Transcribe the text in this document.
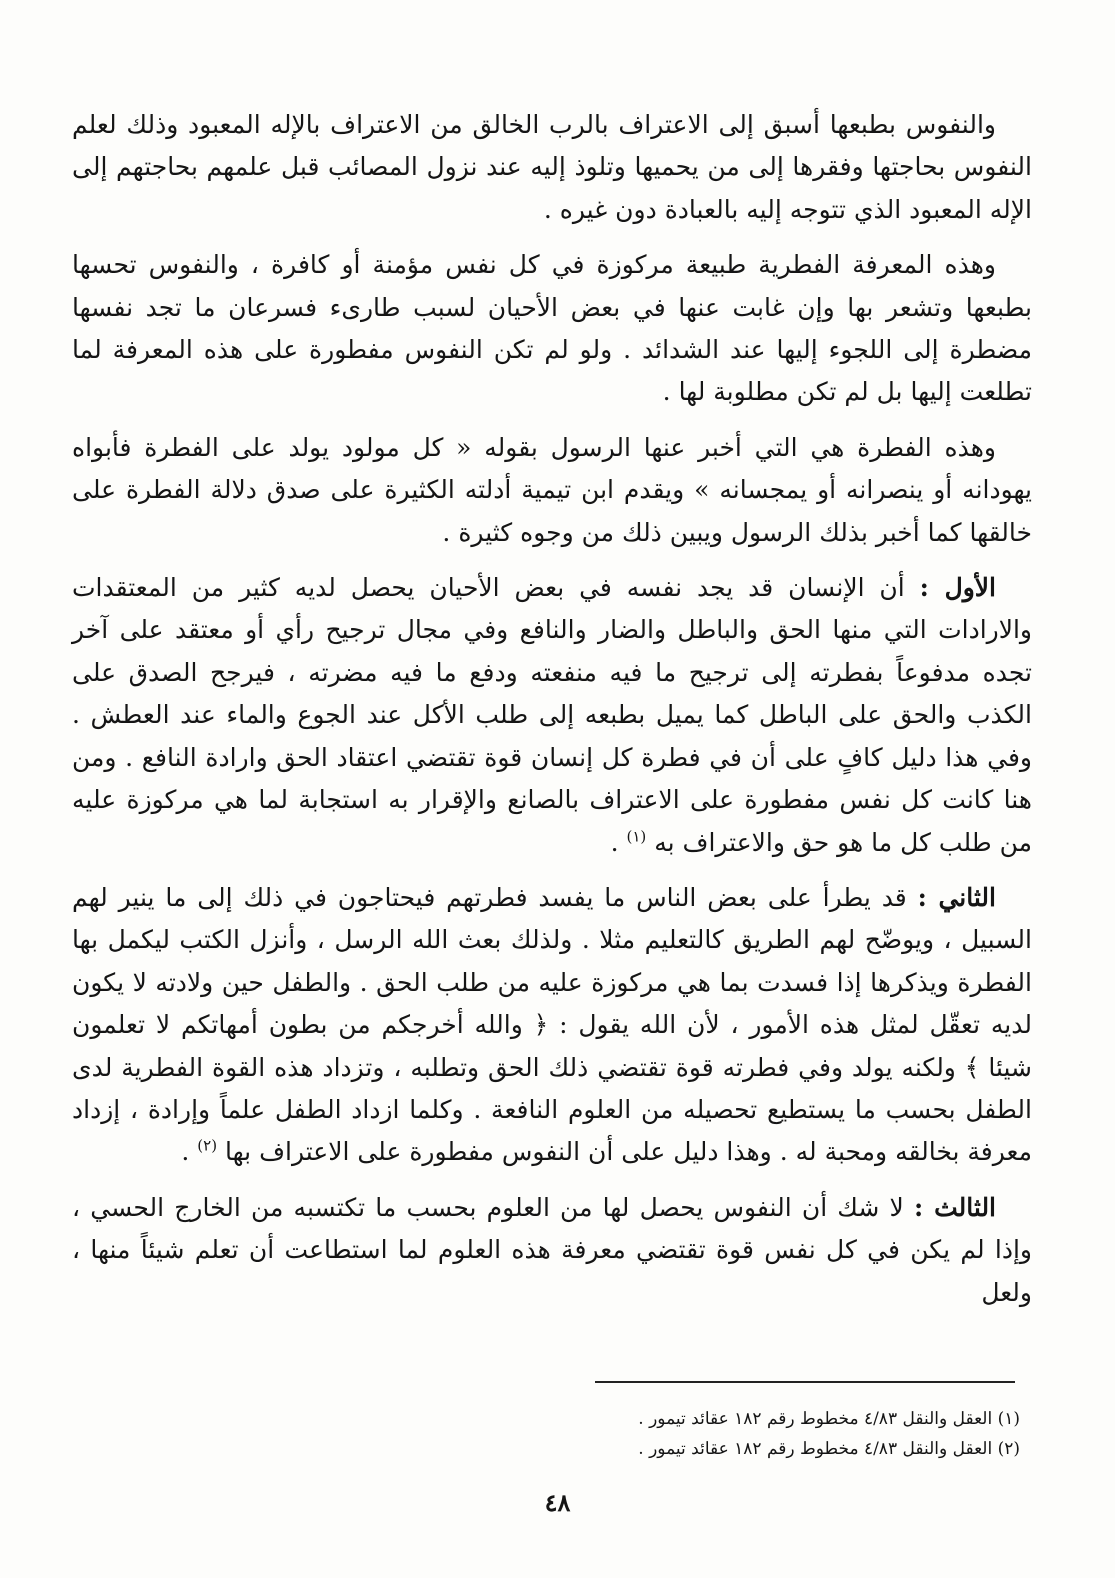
والنفوس بطبعها أسبق إلى الاعتراف بالرب الخالق من الاعتراف بالإله المعبود وذلك لعلم النفوس بحاجتها وفقرها إلى من يحميها وتلوذ إليه عند نزول المصائب قبل علمهم بحاجتهم إلى الإله المعبود الذي تتوجه إليه بالعبادة دون غيره .

وهذه المعرفة الفطرية طبيعة مركوزة في كل نفس مؤمنة أو كافرة ، والنفوس تحسها بطبعها وتشعر بها وإن غابت عنها في بعض الأحيان لسبب طارىء فسرعان ما تجد نفسها مضطرة إلى اللجوء إليها عند الشدائد . ولو لم تكن النفوس مفطورة على هذه المعرفة لما تطلعت إليها بل لم تكن مطلوبة لها .

وهذه الفطرة هي التي أخبر عنها الرسول بقوله « كل مولود يولد على الفطرة فأبواه يهودانه أو ينصرانه أو يمجسانه » ويقدم ابن تيمية أدلته الكثيرة على صدق دلالة الفطرة على خالقها كما أخبر بذلك الرسول ويبين ذلك من وجوه كثيرة .

الأول : أن الإنسان قد يجد نفسه في بعض الأحيان يحصل لديه كثير من المعتقدات والارادات التي منها الحق والباطل والضار والنافع وفي مجال ترجيح رأي أو معتقد على آخر تجده مدفوعاً بفطرته إلى ترجيح ما فيه منفعته ودفع ما فيه مضرته ، فيرجح الصدق على الكذب والحق على الباطل كما يميل بطبعه إلى طلب الأكل عند الجوع والماء عند العطش . وفي هذا دليل كافٍ على أن في فطرة كل إنسان قوة تقتضي اعتقاد الحق وارادة النافع . ومن هنا كانت كل نفس مفطورة على الاعتراف بالصانع والإقرار به استجابة لما هي مركوزة عليه من طلب كل ما هو حق والاعتراف به $^{(١)}$ .

الثاني : قد يطرأ على بعض الناس ما يفسد فطرتهم فيحتاجون في ذلك إلى ما ينير لهم السبيل ، ويوضّح لهم الطريق كالتعليم مثلا . ولذلك بعث الله الرسل ، وأنزل الكتب ليكمل بها الفطرة ويذكرها إذا فسدت بما هي مركوزة عليه من طلب الحق . والطفل حين ولادته لا يكون لديه تعقّل لمثل هذه الأمور ، لأن الله يقول : ﴿ والله أخرجكم من بطون أمهاتكم لا تعلمون شيئا ﴾ ولكنه يولد وفي فطرته قوة تقتضي ذلك الحق وتطلبه ، وتزداد هذه القوة الفطرية لدى الطفل بحسب ما يستطيع تحصيله من العلوم النافعة . وكلما ازداد الطفل علماً وإرادة ، إزداد معرفة بخالقه ومحبة له . وهذا دليل على أن النفوس مفطورة على الاعتراف بها $^{(٢)}$ .

الثالث : لا شك أن النفوس يحصل لها من العلوم بحسب ما تكتسبه من الخارج الحسي ، وإذا لم يكن في كل نفس قوة تقتضي معرفة هذه العلوم لما استطاعت أن تعلم شيئاً منها ، ولعل

(١) العقل والنقل ٤/٨٣ مخطوط رقم ١٨٢ عقائد تيمور .

(٢) العقل والنقل ٤/٨٣ مخطوط رقم ١٨٢ عقائد تيمور .

٤٨
